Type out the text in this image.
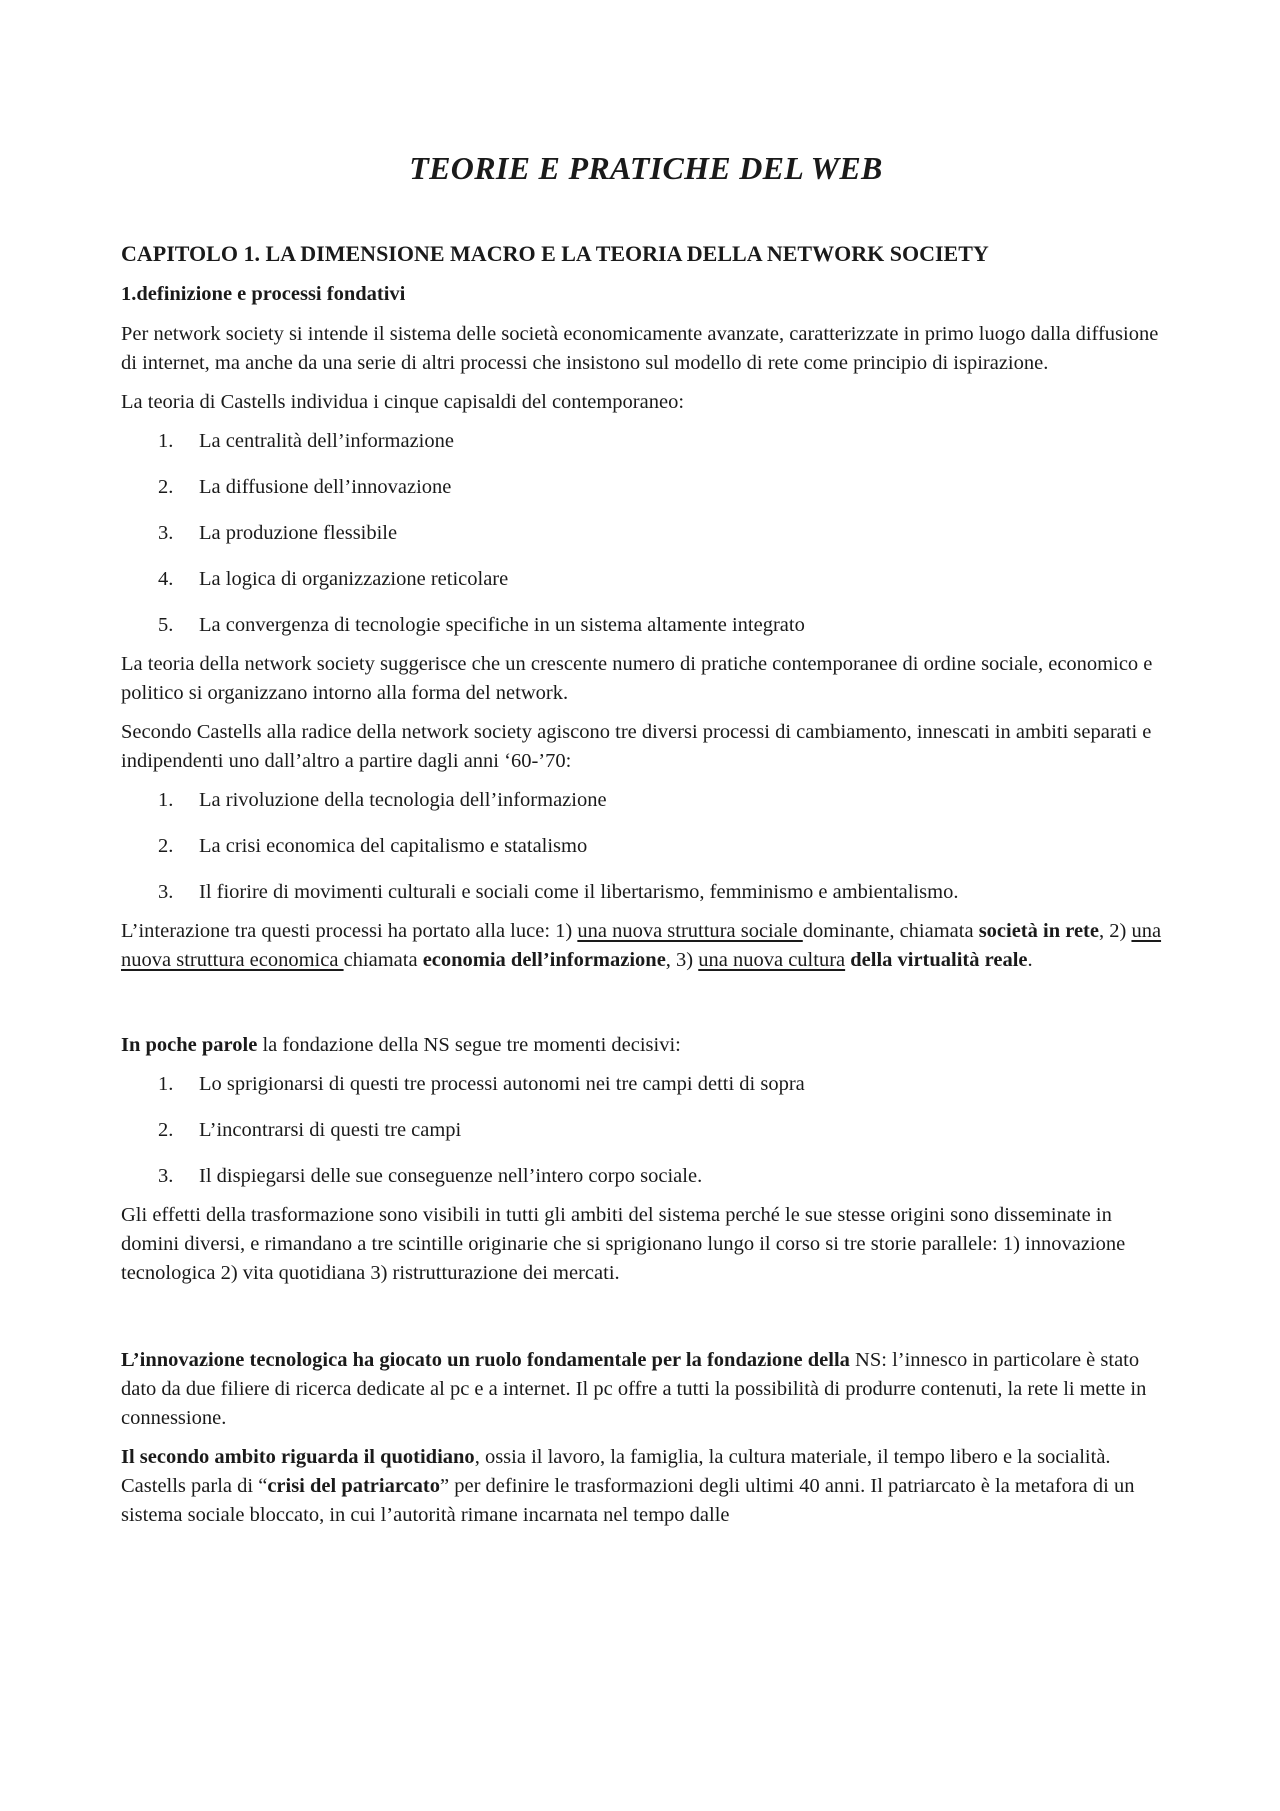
TEORIE E PRATICHE DEL WEB
CAPITOLO 1. LA DIMENSIONE MACRO E LA TEORIA DELLA NETWORK SOCIETY
1.definizione e processi fondativi

Per network society si intende il sistema delle società economicamente avanzate, caratterizzate in primo luogo dalla diffusione di internet, ma anche da una serie di altri processi che insistono sul modello di rete come principio di ispirazione.

La teoria di Castells individua i cinque capisaldi del contemporaneo:

1.	La centralità dell’informazione
2.	La diffusione dell’innovazione
3.	La produzione flessibile
4.	La logica di organizzazione reticolare
5.	La convergenza di tecnologie specifiche in un sistema altamente integrato

La teoria della network society suggerisce che un crescente numero di pratiche contemporanee di ordine sociale, economico e politico si organizzano intorno alla forma del network.

Secondo Castells alla radice della network society agiscono tre diversi processi di cambiamento, innescati in ambiti separati e indipendenti uno dall’altro a partire dagli anni ‘60-’70:

1.	La rivoluzione della tecnologia dell’informazione
2.	La crisi economica del capitalismo e statalismo
3.	Il fiorire di movimenti culturali e sociali come il libertarismo, femminismo e ambientalismo.

L’interazione tra questi processi ha portato alla luce: 1) una nuova struttura sociale dominante, chiamata società in rete, 2) una nuova struttura economica chiamata economia dell’informazione, 3) una nuova cultura della virtualità reale.

In poche parole la fondazione della NS segue tre momenti decisivi:

1.	Lo sprigionarsi di questi tre processi autonomi nei tre campi detti di sopra
2.	L’incontrarsi di questi tre campi
3.	Il dispiegarsi delle sue conseguenze nell’intero corpo sociale.

Gli effetti della trasformazione sono visibili in tutti gli ambiti del sistema perché le sue stesse origini sono disseminate in domini diversi, e rimandano a tre scintille originarie che si sprigionano lungo il corso si tre storie parallele: 1) innovazione tecnologica 2) vita quotidiana 3) ristrutturazione dei mercati.

L’innovazione tecnologica ha giocato un ruolo fondamentale per la fondazione della NS: l’innesco in particolare è stato dato da due filiere di ricerca dedicate al pc e a internet. Il pc offre a tutti la possibilità di produrre contenuti, la rete li mette in connessione.

Il secondo ambito riguarda il quotidiano, ossia il lavoro, la famiglia, la cultura materiale, il tempo libero e la socialità. Castells parla di “crisi del patriarcato” per definire le trasformazioni degli ultimi 40 anni. Il patriarcato è la metafora di un sistema sociale bloccato, in cui l’autorità rimane incarnata nel tempo dalle
